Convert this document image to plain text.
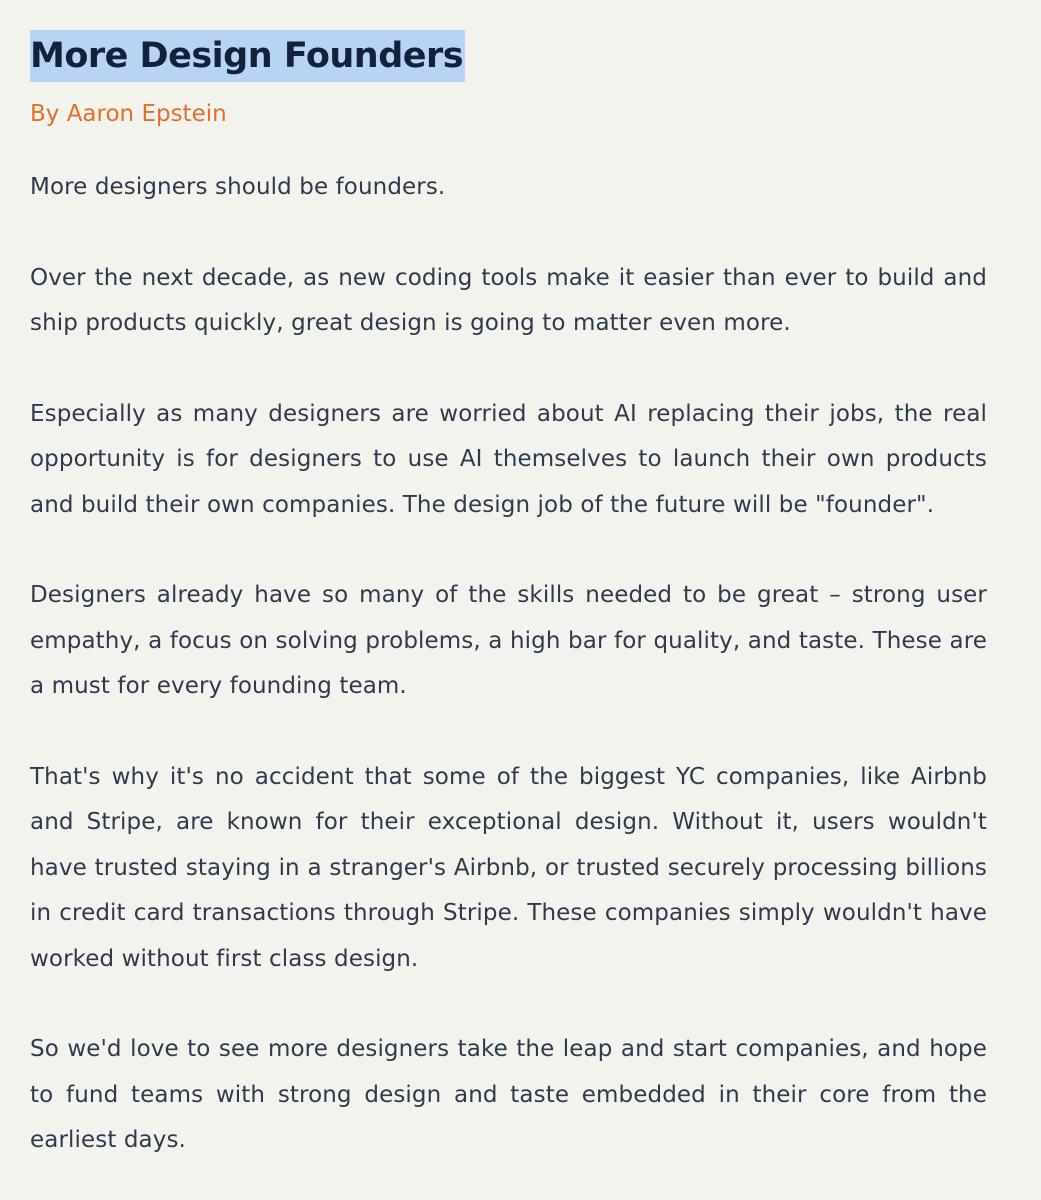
More Design Founders
By Aaron Epstein

More designers should be founders.

Over the next decade, as new coding tools make it easier than ever to build and ship products quickly, great design is going to matter even more.

Especially as many designers are worried about AI replacing their jobs, the real opportunity is for designers to use AI themselves to launch their own products and build their own companies. The design job of the future will be "founder".

Designers already have so many of the skills needed to be great – strong user empathy, a focus on solving problems, a high bar for quality, and taste. These are a must for every founding team.

That's why it's no accident that some of the biggest YC companies, like Airbnb and Stripe, are known for their exceptional design. Without it, users wouldn't have trusted staying in a stranger's Airbnb, or trusted securely processing billions in credit card transactions through Stripe. These companies simply wouldn't have worked without first class design.

So we'd love to see more designers take the leap and start companies, and hope to fund teams with strong design and taste embedded in their core from the earliest days.
